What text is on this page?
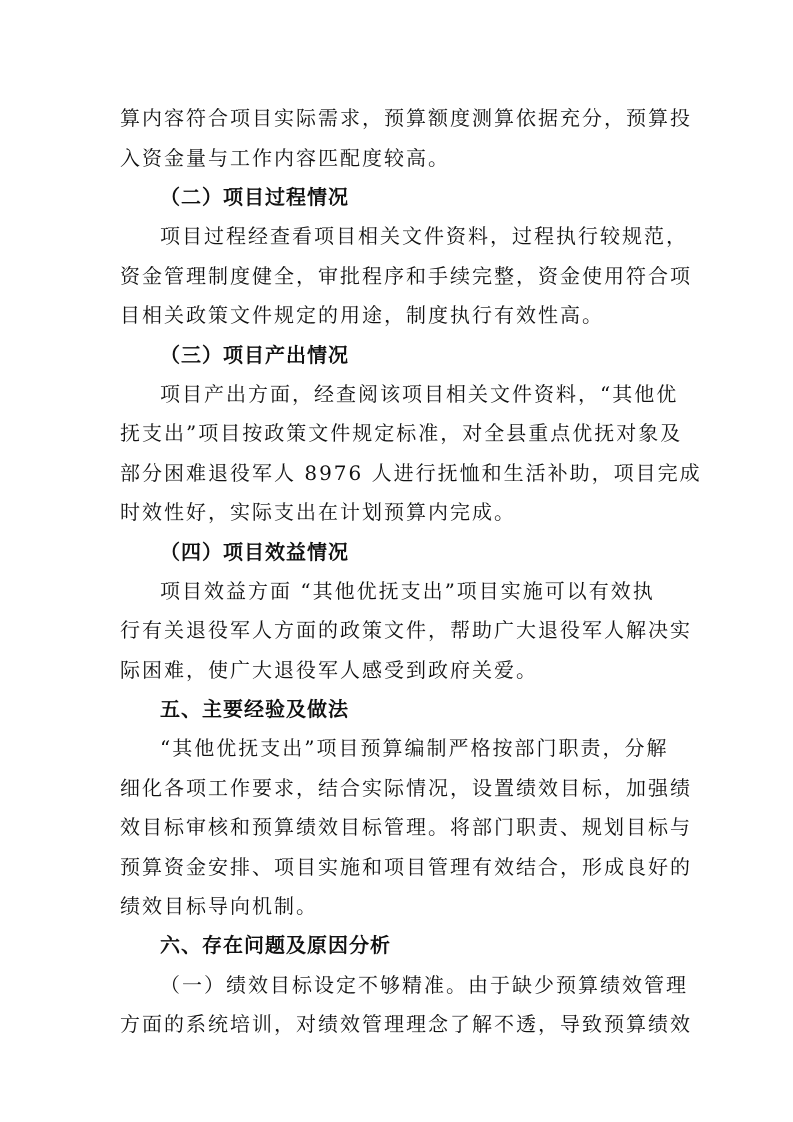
算内容符合项目实际需求，预算额度测算依据充分，预算投
入资金量与工作内容匹配度较高。
（二）项目过程情况
项目过程经查看项目相关文件资料，过程执行较规范，
资金管理制度健全，审批程序和手续完整，资金使用符合项
目相关政策文件规定的用途，制度执行有效性高。
（三）项目产出情况
项目产出方面，经查阅该项目相关文件资料，“其他优
抚支出”项目按政策文件规定标准，对全县重点优抚对象及
部分困难退役军人 8976 人进行抚恤和生活补助，项目完成
时效性好，实际支出在计划预算内完成。
（四）项目效益情况
项目效益方面 “其他优抚支出”项目实施可以有效执
行有关退役军人方面的政策文件，帮助广大退役军人解决实
际困难，使广大退役军人感受到政府关爱。
五、主要经验及做法
“其他优抚支出”项目预算编制严格按部门职责，分解
细化各项工作要求，结合实际情况，设置绩效目标，加强绩
效目标审核和预算绩效目标管理。将部门职责、规划目标与
预算资金安排、项目实施和项目管理有效结合，形成良好的
绩效目标导向机制。
六、存在问题及原因分析
（一）绩效目标设定不够精准。由于缺少预算绩效管理
方面的系统培训，对绩效管理理念了解不透，导致预算绩效
